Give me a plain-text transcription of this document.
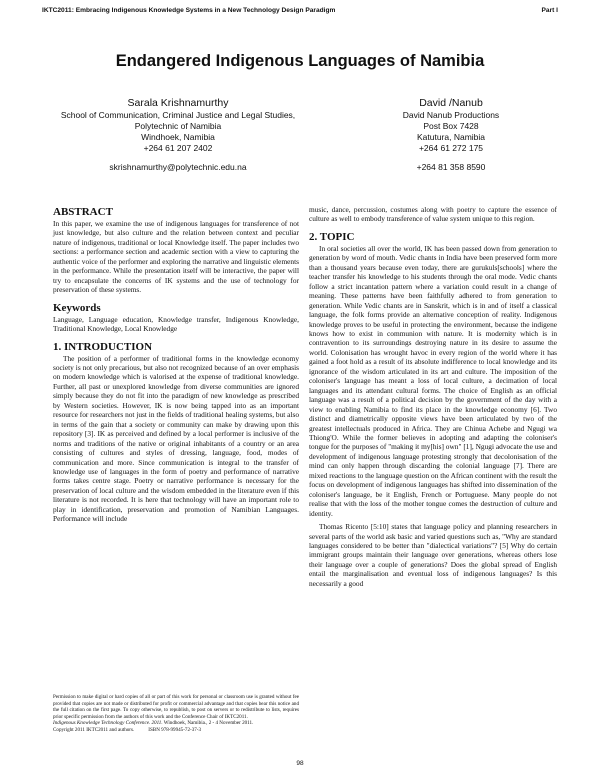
IKTC2011: Embracing Indigenous Knowledge Systems in a New Technology Design Paradigm	Part I
Endangered Indigenous Languages of Namibia
Sarala Krishnamurthy
School of Communication, Criminal Justice and Legal Studies,
Polytechnic of Namibia
Windhoek, Namibia
+264 61 207 2402
skrishnamurthy@polytechnic.edu.na
David /Nanub
David Nanub Productions
Post Box 7428
Katutura, Namibia
+264 61 272 175
+264 81 358 8590
ABSTRACT

In this paper, we examine the use of indigenous languages for transference of not just knowledge, but also culture and the relation between context and peculiar nature of indigenous, traditional or local Knowledge itself. The paper includes two sections: a performance section and academic section with a view to capturing the authentic voice of the performer and exploring the narrative and linguistic elements in the performance. While the presentation itself will be interactive, the paper will try to encapsulate the concerns of IK systems and the use of technology for preservation of these systems.

Keywords

Language, Language education, Knowledge transfer, Indigenous Knowledge, Traditional Knowledge, Local Knowledge

1. INTRODUCTION

The position of a performer of traditional forms in the knowledge economy society is not only precarious, but also not recognized because of an over emphasis on modern knowledge which is valorised at the expense of traditional knowledge. Further, all past or unexplored knowledge from diverse communities are ignored simply because they do not fit into the paradigm of new knowledge as prescribed by Western societies. However, IK is now being tapped into as an important resource for researchers not just in the fields of traditional healing systems, but also in terms of the gain that a society or community can make by drawing upon this repository [3]. IK as perceived and defined by a local performer is inclusive of the norms and traditions of the native or original inhabitants of a country or an area consisting of cultures and styles of dressing, language, food, modes of communication and more. Since communication is integral to the transfer of knowledge use of languages in the form of poetry and performance of narrative forms takes centre stage. Poetry or narrative performance is necessary for the preservation of local culture and the wisdom embedded in the literature even if this literature is not recorded. It is here that technology will have an important role to play in identification, preservation and promotion of Namibian Languages. Performance will include

music, dance, percussion, costumes along with poetry to capture the essence of culture as well to embody transference of value system unique to this region.

2. TOPIC

In oral societies all over the world, IK has been passed down from generation to generation by word of mouth. Vedic chants in India have been preserved form more than a thousand years because even today, there are gurukuls[schools] where the teacher transfer his knowledge to his students through the oral mode. Vedic chants follow a strict incantation pattern where a variation could result in a change of meaning. These patterns have been faithfully adhered to from generation to generation. While Vedic chants are in Sanskrit, which is in and of itself a classical language, the folk forms provide an alternative conception of reality. Indigenous knowledge proves to be useful in protecting the environment, because the indigene knows how to exist in communion with nature. It is modernity which is in contravention to its surroundings destroying nature in its desire to assume the world. Colonisation has wrought havoc in every region of the world where it has gained a foot hold as a result of its absolute indifference to local knowledge and its ignorance of the wisdom articulated in its art and culture. The imposition of the coloniser's language has meant a loss of local culture, a decimation of local languages and its attendant cultural forms. The choice of English as an official language was a result of a political decision by the government of the day with a view to enabling Namibia to find its place in the knowledge economy [6]. Two distinct and diametrically opposite views have been articulated by two of the greatest intellectuals produced in Africa. They are Chinua Achebe and Ngugi wa Thiong'O. While the former believes in adopting and adapting the coloniser's tongue for the purposes of "making it my[his] own" [1], Ngugi advocate the use and development of indigenous language protesting strongly that decolonisation of the mind can only happen through discarding the colonial language [7]. There are mixed reactions to the language question on the African continent with the result the focus on development of indigenous languages has shifted into dissemination of the coloniser's language, be it English, French or Portuguese. Many people do not realise that with the loss of the mother tongue comes the destruction of culture and identity.

Thomas Ricento [5:10] states that language policy and planning researchers in several parts of the world ask basic and varied questions such as, "Why are standard languages considered to be better than "dialectical variations"? [5] Why do certain immigrant groups maintain their language over generations, whereas others lose their language over a couple of generations? Does the global spread of English entail the marginalisation and eventual loss of indigenous languages? Is this necessarily a good

Permission to make digital or hard copies of all or part of this work for personal or classroom use is granted without fee provided that copies are not made or distributed for profit or commercial advantage and that copies bear this notice and the full citation on the first page. To copy otherwise, to republish, to post on servers or to redistribute to lists, requires prior specific permission from the authors of this work and the Conference Chair of IKTC2011.

Indigenous Knowledge Technology Conference. 2011. Windhoek, Namibia., 2 - 4 November 2011.

Copyright 2011 IKTC2011 and authors.           ISBN 978-99945-72-37-3

98
